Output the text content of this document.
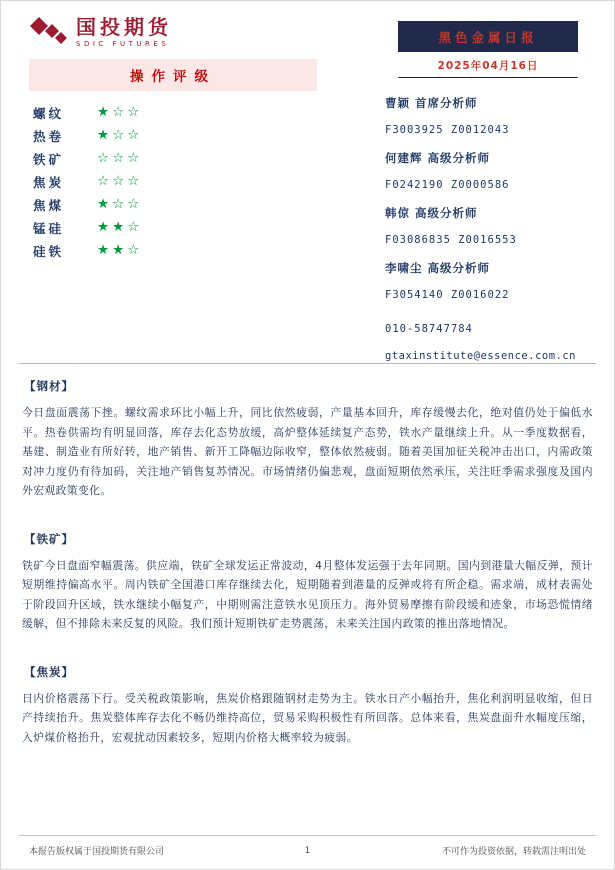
国投期货
SDIC FUTURES	黑色金属日报
2025年04月16日
操作评级
螺纹	★☆☆
热卷	★☆☆
铁矿	☆☆☆
焦炭	☆☆☆
焦煤	★☆☆
锰硅	★★☆
硅铁	★★☆
曹颖 首席分析师
F3003925 Z0012043
何建辉 高级分析师
F0242190 Z0000586
韩倞 高级分析师
F03086835 Z0016553
李啸尘 高级分析师
F3054140 Z0016022
010-58747784
gtaxinstitute@essence.com.cn
【钢材】

今日盘面震荡下挫。螺纹需求环比小幅上升，同比依然疲弱，产量基本回升，库存缓慢去化，绝对值仍处于偏低水平。热卷供需均有明显回落，库存去化态势放缓，高炉整体延续复产态势，铁水产量继续上升。从一季度数据看，基建、制造业有所好转，地产销售、新开工降幅边际收窄，整体依然疲弱。随着美国加征关税冲击出口，内需政策对冲力度仍有待加码，关注地产销售复苏情况。市场情绪仍偏悲观，盘面短期依然承压，关注旺季需求强度及国内外宏观政策变化。

【铁矿】

铁矿今日盘面窄幅震荡。供应端，铁矿全球发运正常波动，4月整体发运强于去年同期。国内到港量大幅反弹，预计短期维持偏高水平。周内铁矿全国港口库存继续去化，短期随着到港量的反弹或将有所企稳。需求端，成材表需处于阶段回升区域，铁水继续小幅复产，中期则需注意铁水见顶压力。海外贸易摩擦有阶段缓和迹象，市场恐慌情绪缓解，但不排除未来反复的风险。我们预计短期铁矿走势震荡，未来关注国内政策的推出落地情况。

【焦炭】

日内价格震荡下行。受关税政策影响，焦炭价格跟随钢材走势为主。铁水日产小幅抬升，焦化利润明显收缩，但日产持续抬升。焦炭整体库存去化不畅仍维持高位，贸易采购积极性有所回落。总体来看，焦炭盘面升水幅度压缩，入炉煤价格抬升，宏观扰动因素较多，短期内价格大概率较为疲弱。

本报告版权属于国投期货有限公司	1	不可作为投资依据，转载需注明出处
